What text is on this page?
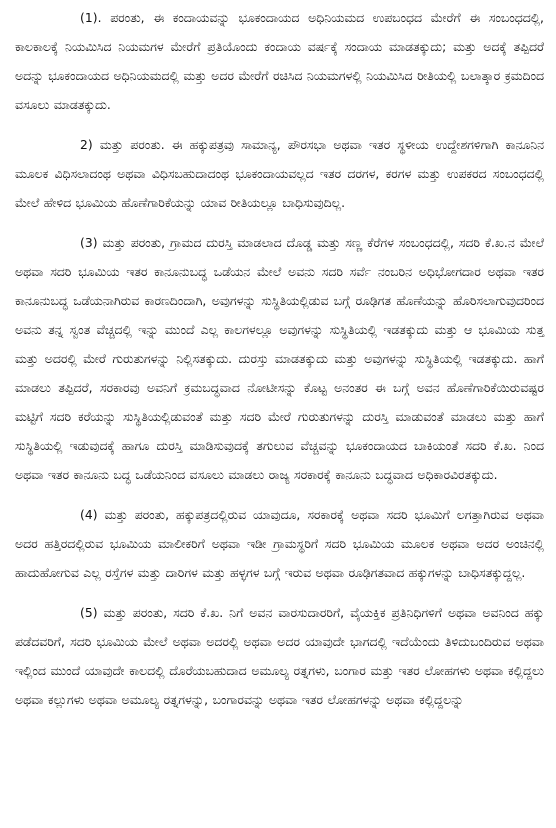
(1). ಪರಂತು, ಈ ಕಂದಾಯವನ್ನು ಭೂಕಂದಾಯದ ಅಧಿನಿಯಮದ ಉಪಬಂಧದ ಮೇರೆಗೆ ಈ ಸಂಬಂಧದಲ್ಲಿ, ಕಾಲಕಾಲಕ್ಕೆ ನಿಯಮಿಸಿದ ನಿಯಮಗಳ ಮೇರೆಗೆ ಪ್ರತಿಯೊಂದು ಕಂದಾಯ ವರ್ಷಕ್ಕೆ ಸಂದಾಯ ಮಾಡತಕ್ಕುದು; ಮತ್ತು ಅದಕ್ಕೆ ತಪ್ಪಿದರೆ ಅದನ್ನು ಭೂಕಂದಾಯದ ಅಧಿನಿಯಮದಲ್ಲಿ ಮತ್ತು ಅದರ ಮೇರೆಗೆ ರಚಿಸಿದ ನಿಯಮಗಳಲ್ಲಿ ನಿಯಮಿಸಿದ ರೀತಿಯಲ್ಲಿ ಬಲಾತ್ಕಾರ ಕ್ರಮದಿಂದ ವಸೂಲು ಮಾಡತಕ್ಕುದು.

2) ಮತ್ತು ಪರಂತು. ಈ ಹಕ್ಕುಪತ್ರವು ಸಾಮಾನ್ಯ, ಪೌರಸಭಾ ಅಥವಾ ಇತರ ಸ್ಥಳೀಯ ಉದ್ದೇಶಗಳಿಗಾಗಿ ಕಾನೂನಿನ ಮೂಲಕ ವಿಧಿಸಲಾದಂಥ ಅಥವಾ ವಿಧಿಸಬಹುದಾದಂಥ ಭೂಕಂದಾಯವಲ್ಲದ ಇತರ ದರಗಳ, ಕರಗಳ ಮತ್ತು ಉಪಕರದ ಸಂಬಂಧದಲ್ಲಿ ಮೇಲೆ ಹೇಳಿದ ಭೂಮಿಯ ಹೊಣೆಗಾರಿಕೆಯನ್ನು ಯಾವ ರೀತಿಯಲ್ಲೂ ಬಾಧಿಸುವುದಿಲ್ಲ.

(3) ಮತ್ತು ಪರಂತು, ಗ್ರಾಮದ ದುರಸ್ತಿ ಮಾಡಲಾದ ದೊಡ್ಡ ಮತ್ತು ಸಣ್ಣ ಕೆರೆಗಳ ಸಂಬಂಧದಲ್ಲಿ, ಸದರಿ ಕೆ.ಖ.ನ ಮೇಲೆ ಅಥವಾ ಸದರಿ ಭೂಮಿಯ ಇತರ ಕಾನೂನುಬದ್ಧ ಒಡೆಯನ ಮೇಲೆ ಅವನು ಸದರಿ ಸರ್ವೆ ನಂಬರಿನ ಅಧಿಭೋಗದಾರ ಅಥವಾ ಇತರ ಕಾನೂನುಬದ್ಧ ಒಡೆಯನಾಗಿರುವ ಕಾರಣದಿಂದಾಗಿ, ಅವುಗಳನ್ನು ಸುಸ್ಥಿತಿಯಲ್ಲಿಡುವ ಬಗ್ಗೆ ರೂಢಿಗತ ಹೊಣೆಯನ್ನು ಹೊರಿಸಲಾಗುವುದರಿಂದ ಅವನು ತನ್ನ ಸ್ವಂತ ವೆಚ್ಚದಲ್ಲಿ ಇನ್ನು ಮುಂದೆ ಎಲ್ಲ ಕಾಲಗಳಲ್ಲೂ ಅವುಗಳನ್ನು ಸುಸ್ಥಿತಿಯಲ್ಲಿ ಇಡತಕ್ಕುದು ಮತ್ತು ಆ ಭೂಮಿಯ ಸುತ್ತ ಮತ್ತು ಅದರಲ್ಲಿ ಮೇರೆ ಗುರುತುಗಳನ್ನು ನಿಲ್ಲಿಸತಕ್ಕುದು. ದುರಸ್ತು ಮಾಡತಕ್ಕುದು ಮತ್ತು ಅವುಗಳನ್ನು ಸುಸ್ಥಿತಿಯಲ್ಲಿ ಇಡತಕ್ಕುದು. ಹಾಗೆ ಮಾಡಲು ತಪ್ಪಿದರೆ, ಸರಕಾರವು ಅವನಿಗೆ ಕ್ರಮಬದ್ಧವಾದ ನೋಟೀಸನ್ನು ಕೊಟ್ಟ ಅನಂತರ ಈ ಬಗ್ಗೆ ಅವನ ಹೊಣೆಗಾರಿಕೆಯಿರುವಷ್ಟರ ಮಟ್ಟಿಗೆ ಸದರಿ ಕರೆಯನ್ನು ಸುಸ್ಥಿತಿಯಲ್ಲಿಡುವಂತೆ ಮತ್ತು ಸದರಿ ಮೇರೆ ಗುರುತುಗಳನ್ನು ದುರಸ್ತಿ ಮಾಡುವಂತೆ ಮಾಡಲು ಮತ್ತು ಹಾಗೆ ಸುಸ್ಥಿತಿಯಲ್ಲಿ ಇಡುವುದಕ್ಕೆ ಹಾಗೂ ದುರಸ್ತಿ ಮಾಡಿಸುವುದಕ್ಕೆ ತಗುಲುವ ವೆಚ್ಚವನ್ನು ಭೂಕಂದಾಯದ ಬಾಕಿಯಂತೆ ಸದರಿ ಕೆ.ಖ. ನಿಂದ ಅಥವಾ ಇತರ ಕಾನೂನು ಬದ್ಧ ಒಡೆಯನಿಂದ ವಸೂಲು ಮಾಡಲು ರಾಜ್ಯ ಸರಕಾರಕ್ಕೆ ಕಾನೂನು ಬದ್ಧವಾದ ಅಧಿಕಾರವಿರತಕ್ಕುದು.

(4) ಮತ್ತು ಪರಂತು, ಹಕ್ಕುಪತ್ರದಲ್ಲಿರುವ ಯಾವುದೂ, ಸರಕಾರಕ್ಕೆ ಅಥವಾ ಸದರಿ ಭೂಮಿಗೆ ಲಗತ್ತಾಗಿರುವ ಅಥವಾ ಅದರ ಹತ್ತಿರದಲ್ಲಿರುವ ಭೂಮಿಯ ಮಾಲೀಕರಿಗೆ ಅಥವಾ ಇಡೀ ಗ್ರಾಮಸ್ಥರಿಗೆ ಸದರಿ ಭೂಮಿಯ ಮೂಲಕ ಅಥವಾ ಅದರ ಅಂಚಿನಲ್ಲಿ ಹಾದುಹೋಗುವ ಎಲ್ಲ ರಸ್ತೆಗಳ ಮತ್ತು ದಾರಿಗಳ ಮತ್ತು ಹಳ್ಳಗಳ ಬಗ್ಗೆ ಇರುವ ಅಥವಾ ರೂಢಿಗತವಾದ ಹಕ್ಕುಗಳನ್ನು ಬಾಧಿಸತಕ್ಕುದ್ದಲ್ಲ.

(5) ಮತ್ತು ಪರಂತು, ಸದರಿ ಕೆ.ಖ. ನಿಗೆ ಅವನ ವಾರಸುದಾರರಿಗೆ, ವೈಯಕ್ತಿಕ ಪ್ರತಿನಿಧಿಗಳಿಗೆ ಅಥವಾ ಅವನಿಂದ ಹಕ್ಕು ಪಡೆದವರಿಗೆ, ಸದರಿ ಭೂಮಿಯ ಮೇಲೆ ಅಥವಾ ಅದರಲ್ಲಿ ಅಥವಾ ಅದರ ಯಾವುದೇ ಭಾಗದಲ್ಲಿ ಇದೆಯೆಂದು ತಿಳಿದುಬಂದಿರುವ ಅಥವಾ ಇಲ್ಲಿಂದ ಮುಂದೆ ಯಾವುದೇ ಕಾಲದಲ್ಲಿ ದೊರೆಯಬಹುದಾದ ಅಮೂಲ್ಯ ರತ್ನಗಳು, ಬಂಗಾರ ಮತ್ತು ಇತರ ಲೋಹಗಳು ಅಥವಾ ಕಲ್ಲಿದ್ದಲು ಅಥವಾ ಕಲ್ಲುಗಳು ಅಥವಾ ಅಮೂಲ್ಯ ರತ್ನಗಳನ್ನು, ಬಂಗಾರವನ್ನು ಅಥವಾ ಇತರ ಲೋಹಗಳನ್ನು ಅಥವಾ ಕಲ್ಲಿದ್ದಲನ್ನು
